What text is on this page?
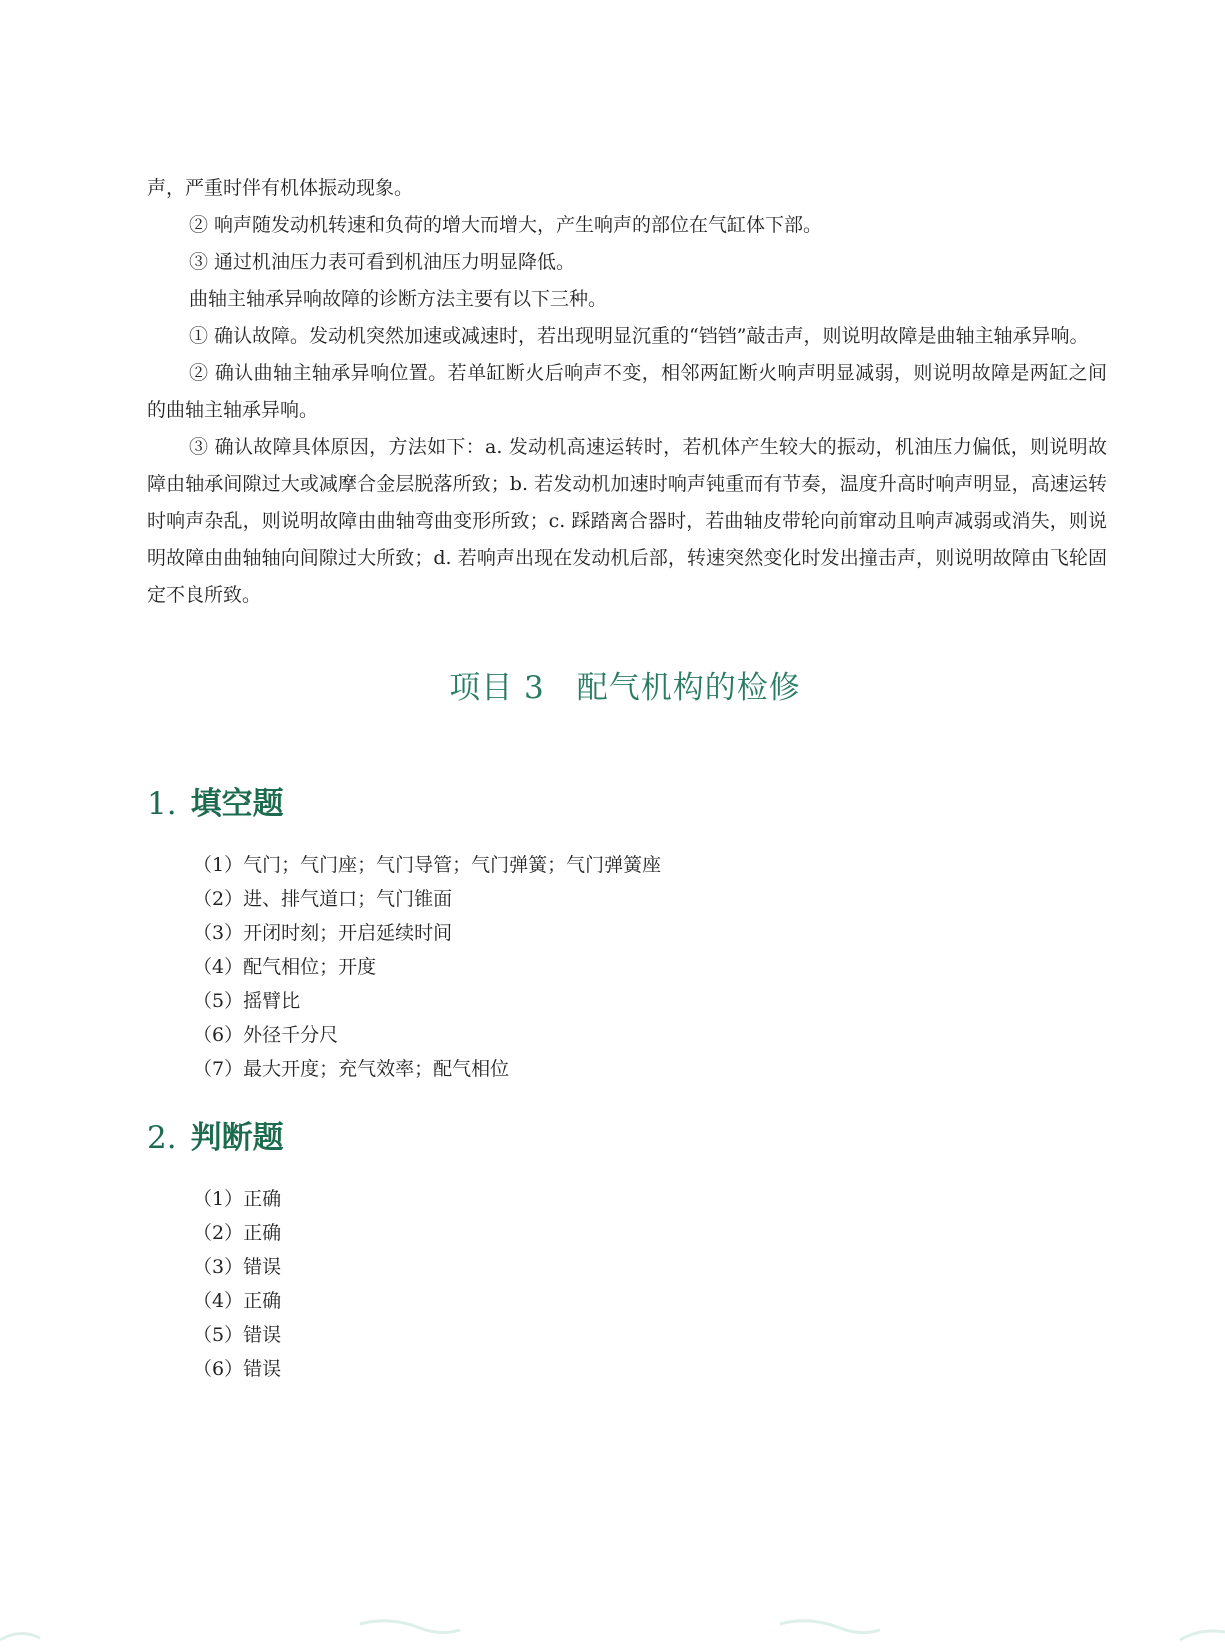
声，严重时伴有机体振动现象。

② 响声随发动机转速和负荷的增大而增大，产生响声的部位在气缸体下部。

③ 通过机油压力表可看到机油压力明显降低。

曲轴主轴承异响故障的诊断方法主要有以下三种。

① 确认故障。发动机突然加速或减速时，若出现明显沉重的“铛铛”敲击声，则说明故障是曲轴主轴承异响。

② 确认曲轴主轴承异响位置。若单缸断火后响声不变，相邻两缸断火响声明显减弱，则说明故障是两缸之间的曲轴主轴承异响。

③ 确认故障具体原因，方法如下：a. 发动机高速运转时，若机体产生较大的振动，机油压力偏低，则说明故障由轴承间隙过大或减摩合金层脱落所致；b. 若发动机加速时响声钝重而有节奏，温度升高时响声明显，高速运转时响声杂乱，则说明故障由曲轴弯曲变形所致；c. 踩踏离合器时，若曲轴皮带轮向前窜动且响声减弱或消失，则说明故障由曲轴轴向间隙过大所致；d. 若响声出现在发动机后部，转速突然变化时发出撞击声，则说明故障由飞轮固定不良所致。

项目 3　配气机构的检修
1. 填空题
（1）气门；气门座；气门导管；气门弹簧；气门弹簧座
（2）进、排气道口；气门锥面
（3）开闭时刻；开启延续时间
（4）配气相位；开度
（5）摇臂比
（6）外径千分尺
（7）最大开度；充气效率；配气相位
2. 判断题
（1）正确
（2）正确
（3）错误
（4）正确
（5）错误
（6）错误
